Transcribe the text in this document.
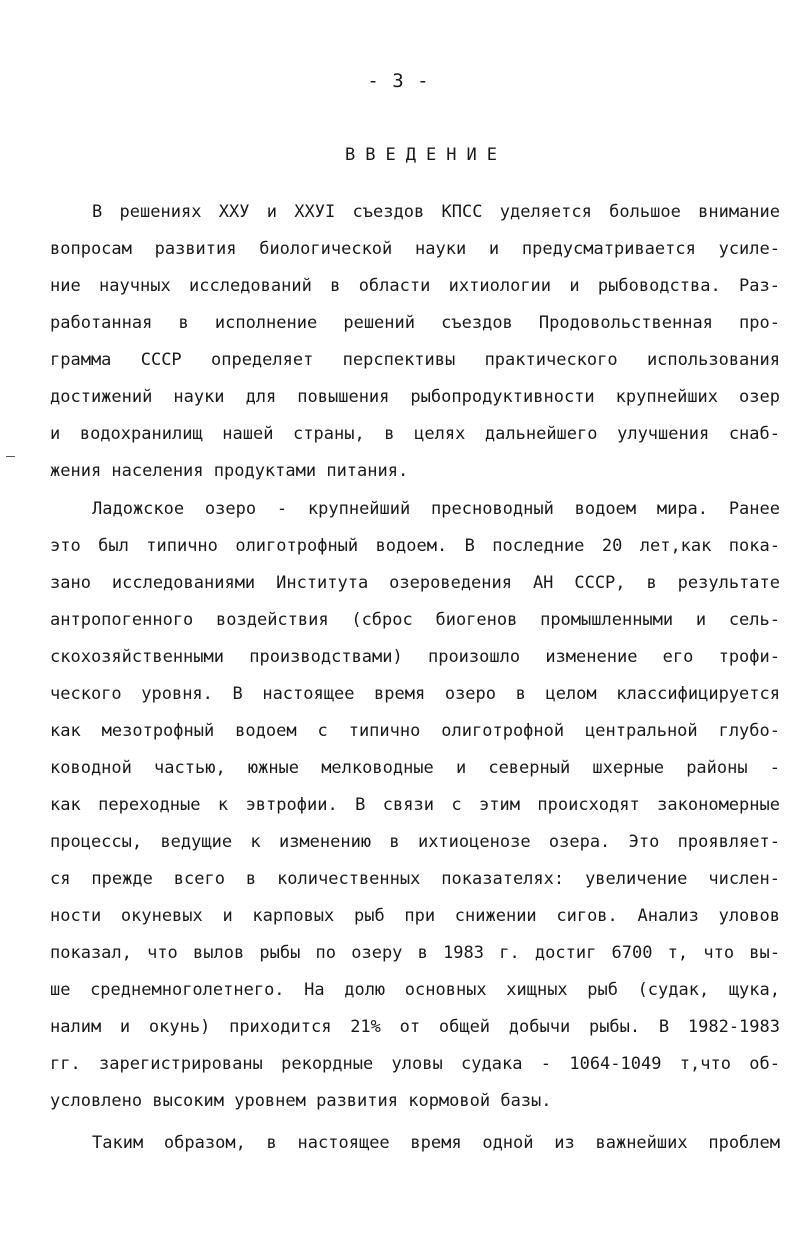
- 3 -
ВВЕДЕНИЕ
В решениях ХХУ и ХХУI съездов КПСС уделяется большое внимание
вопросам развития биологической науки и предусматривается усиле-
ние научных исследований в области ихтиологии и рыбоводства. Раз-
работанная в исполнение решений съездов Продовольственная про-
грамма СССР определяет перспективы практического использования
достижений науки для повышения рыбопродуктивности крупнейших озер
и водохранилищ нашей страны, в целях дальнейшего улучшения снаб-
жения населения продуктами питания.
Ладожское озеро - крупнейший пресноводный водоем мира. Ранее
это был типично олиготрофный водоем. В последние 20 лет,как пока-
зано исследованиями Института озероведения АН СССР, в результате
антропогенного воздействия (сброс биогенов промышленными и сель-
скохозяйственными производствами) произошло изменение его трофи-
ческого уровня. В настоящее время озеро в целом классифицируется
как мезотрофный водоем с типично олиготрофной центральной глубо-
ководной частью, южные мелководные и северный шхерные районы -
как переходные к эвтрофии. В связи с этим происходят закономерные
процессы, ведущие к изменению в ихтиоценозе озера. Это проявляет-
ся прежде всего в количественных показателях: увеличение числен-
ности окуневых и карповых рыб при снижении сигов. Анализ уловов
показал, что вылов рыбы по озеру в 1983 г. достиг 6700 т, что вы-
ше среднемноголетнего. На долю основных хищных рыб (судак, щука,
налим и окунь) приходится 21% от общей добычи рыбы. В 1982-1983
гг. зарегистрированы рекордные уловы судака - 1064-1049 т,что об-
условлено высоким уровнем развития кормовой базы.
Таким образом, в настоящее время одной из важнейших проблем
